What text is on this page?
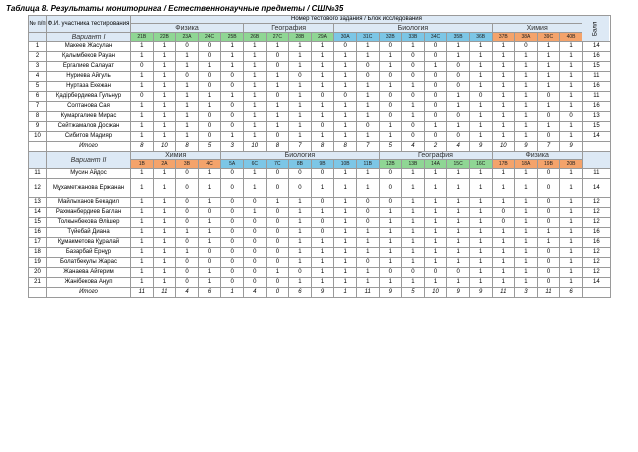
Таблица 8. Результаты мониторинга / Естественнонаучные предметы / СШ№35
№ п/п	Ф.И. участника тестирования	Номер тестового задания / Блок исследования																				Балл
		Физика					География				Биология							Химия				

	Вариант I	21В	22В	23А	24С	25В	26В	27С	28В	29А	30А	31С	32В	33В	34С	35В	36В	37В	38А	39С	40В	
1	Макеев Жасулан	1	1	0	0	1	1	1	1	1	0	1	0	1	0	1	1	1	0	1	1	14
2	Қалымбеков Рауан	1	1	1	0	1	1	0	1	1	1	1	1	0	0	1	1	1	1	1	1	16
3	Ергалиев Салауат	0	1	1	1	1	1	0	1	1	1	0	1	0	1	0	1	1	1	1	1	15
4	Нуриева Айгуль	1	1	0	0	0	1	1	0	1	1	0	0	0	0	0	1	1	1	1	1	11
5	Нуртаза Екежан	1	1	1	0	0	1	1	1	1	1	1	1	1	0	0	1	1	1	1	1	16
6	Қадірбердиева Гульнур	0	1	1	1	1	1	0	1	0	0	1	0	0	0	1	0	1	1	0	1	11
7	Солтанова Сая	1	1	1	1	0	1	1	1	1	1	1	0	1	0	1	1	1	1	1	1	16
8	Кумаргалиев Мирас	1	1	1	0	0	1	1	1	1	1	1	0	1	0	0	1	1	1	0	0	13
9	Сейтжамалов Досжан	1	1	1	0	0	1	1	1	0	1	0	1	0	1	1	1	1	1	1	1	15
10	Сибитов Мадияр	1	1	1	0	1	1	0	1	1	1	1	1	0	0	0	1	1	1	0	1	14
	Итого	8	10	8	5	3	10	8	7	8	8	7	5	4	2	4	9	10	9	7	9	
	Вариант II	Химия				Биология							География					Физика				
		1В	2А	3В	4С	5А	6С	7С	8В	9В	10В	11В	12В	13В	14А	15С	16С	17В	18А	19В	20В	
11	Мусин Айдос	1	1	0	1	0	1	0	0	0	1	1	0	1	1	1	1	1	1	0	1	11
12	Мұхаметжанова Ержанан	1	1	0	1	0	1	0	0	1	1	1	0	1	1	1	1	1	1	0	1	14
13	Майлыханов Бекадил	1	1	0	1	0	0	1	1	0	1	0	0	1	1	1	1	1	1	0	1	12
14	Рахманбердиев Баглан	1	1	0	0	0	1	0	1	1	1	0	1	1	1	1	1	0	1	0	1	12
15	Толкынбекова Әлішер	1	1	0	1	0	0	0	1	0	1	0	1	1	1	1	1	0	1	0	1	12
16	Түйебай Диана	1	1	1	1	0	0	0	1	0	1	1	1	1	1	1	1	1	1	1	1	16
17	Құмакметова Құралай	1	1	0	1	0	0	0	1	1	1	1	1	1	1	1	1	1	1	1	1	16
18	Базарбай Ернұр	1	1	1	0	0	0	0	1	1	1	1	1	1	1	1	1	1	1	0	1	12
19	Болатбекулы Жарас	1	1	0	0	0	0	0	1	1	1	0	1	1	1	1	1	1	1	0	1	12
20	Жанаева Айгерим	1	1	0	1	0	0	1	0	1	1	1	0	0	0	0	1	1	1	0	1	12
21	Жанібекова Аңуп	1	1	0	1	0	0	0	1	1	1	1	1	1	1	1	1	1	1	0	1	14
	Итого	11	11	4	6	1	4	0	6	9	1	11	9	5	10	9	9	11	3	11	6	
